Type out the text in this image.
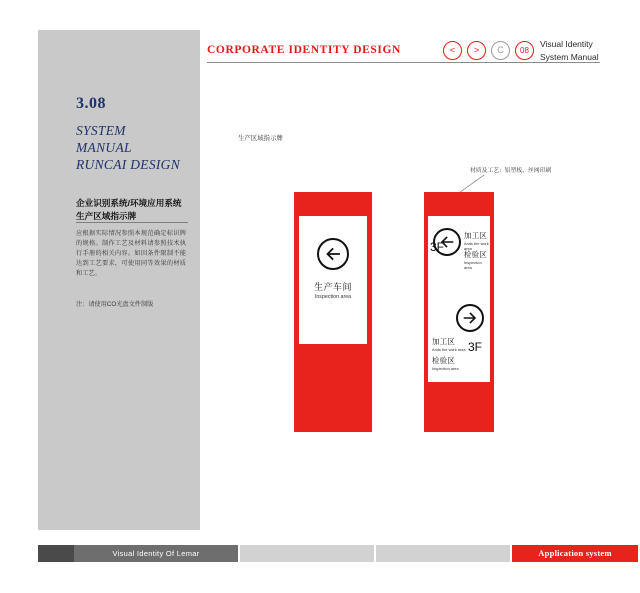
3.08
SYSTEM
MANUAL
RUNCAI DESIGN
企业识别系统/环境应用系统
生产区域指示牌
应根据实际情况参照本规范确定标识牌的规格。制作工艺及材料请参照技术执行手册的相关内容。如因条件限制不能达到工艺要求，可使用同等效果的材质和工艺。
注：请使用CO光盘文件制版
CORPORATE IDENTITY DESIGN	<	>	C	08
Visual Identity
System Manual
生产区域指示牌
材质及工艺：铝塑板、丝网印刷
生产车间
Inspection area
加工区
Ands the work area
检验区
Inspection area
3F
3F
加工区
Ands the work area
检验区
Inspection area
Visual Identity Of Lemar	Application system
